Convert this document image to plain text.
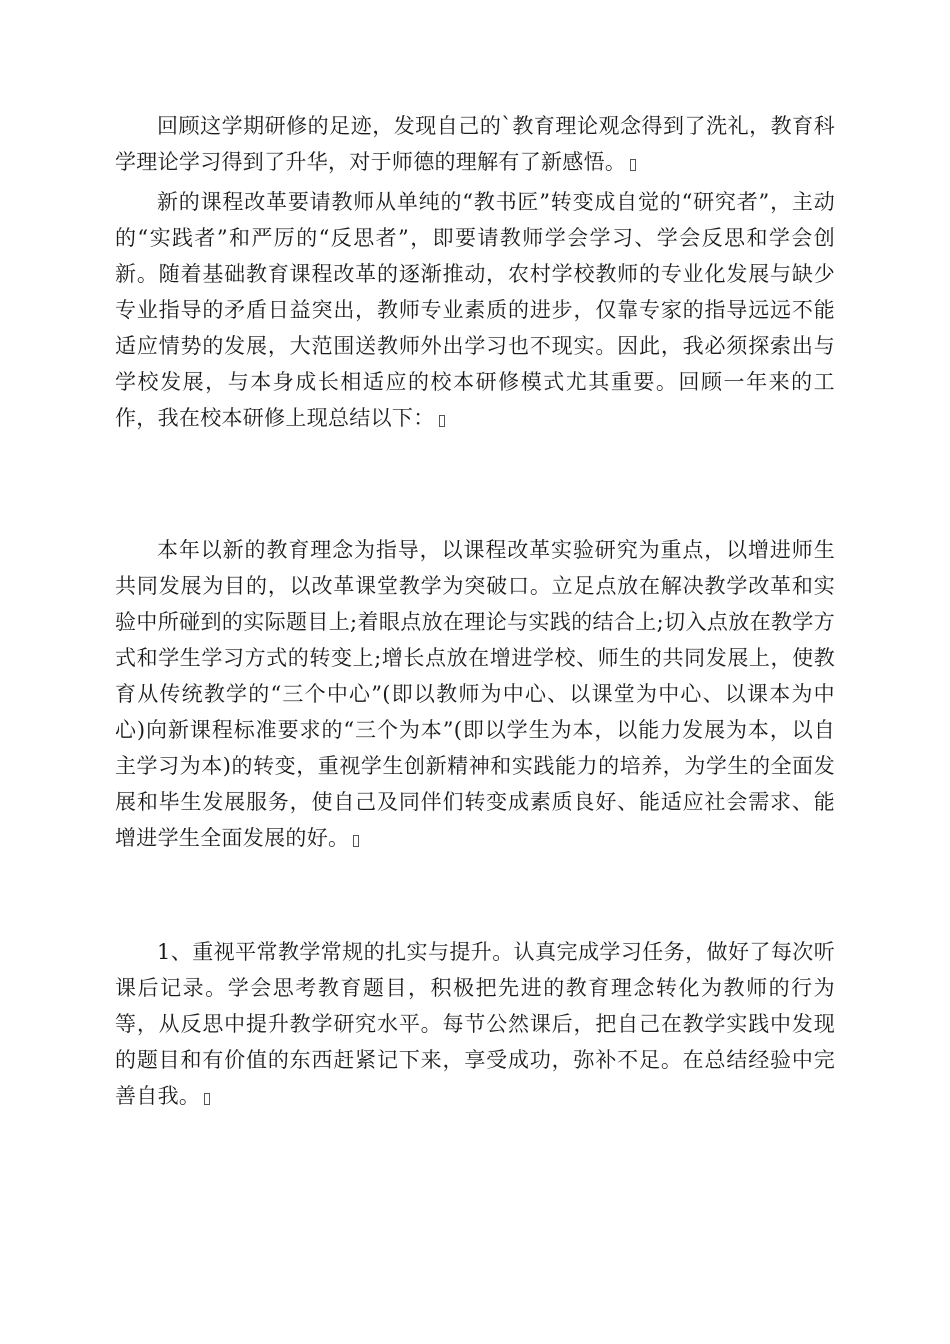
回顾这学期研修的足迹，发现自己的`教育理论观念得到了洗礼，教育科学理论学习得到了升华，对于师德的理解有了新感悟。

新的课程改革要请教师从单纯的“教书匠”转变成自觉的“研究者”，主动的“实践者”和严厉的“反思者”，即要请教师学会学习、学会反思和学会创新。随着基础教育课程改革的逐渐推动，农村学校教师的专业化发展与缺少专业指导的矛盾日益突出，教师专业素质的进步，仅靠专家的指导远远不能适应情势的发展，大范围送教师外出学习也不现实。因此，我必须探索出与学校发展，与本身成长相适应的校本研修模式尤其重要。回顾一年来的工作，我在校本研修上现总结以下：

本年以新的教育理念为指导，以课程改革实验研究为重点，以增进师生共同发展为目的，以改革课堂教学为突破口。立足点放在解决教学改革和实验中所碰到的实际题目上;着眼点放在理论与实践的结合上;切入点放在教学方式和学生学习方式的转变上;增长点放在增进学校、师生的共同发展上，使教育从传统教学的“三个中心”(即以教师为中心、以课堂为中心、以课本为中心)向新课程标准要求的“三个为本”(即以学生为本，以能力发展为本，以自主学习为本)的转变，重视学生创新精神和实践能力的培养，为学生的全面发展和毕生发展服务，使自己及同伴们转变成素质良好、能适应社会需求、能增进学生全面发展的好。

1、重视平常教学常规的扎实与提升。认真完成学习任务，做好了每次听课后记录。学会思考教育题目，积极把先进的教育理念转化为教师的行为等，从反思中提升教学研究水平。每节公然课后，把自己在教学实践中发现的题目和有价值的东西赶紧记下来，享受成功，弥补不足。在总结经验中完善自我。
